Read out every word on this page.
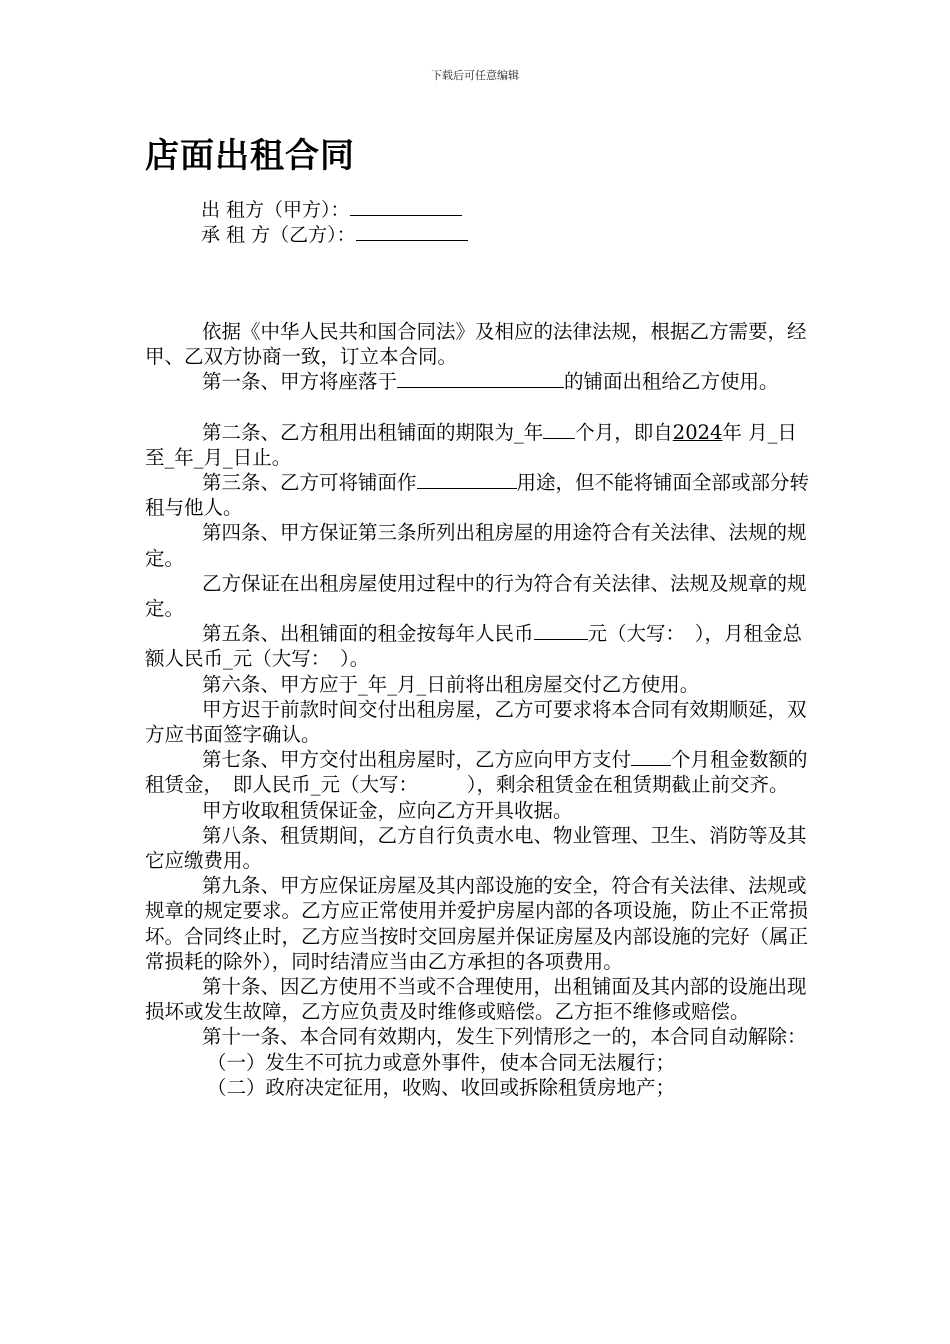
下载后可任意编辑
店面出租合同
出 租方（甲方）：
承 租 方（乙方）：

依据《中华人民共和国合同法》及相应的法律法规，根据乙方需要，经甲、乙双方协商一致，订立本合同。

第一条、甲方将座落于	的铺面出租给乙方使用。

第二条、乙方租用出租铺面的期限为_年 个月，即自2024年 月_日至_年_月_日止。

第三条、乙方可将铺面作	用途，但不能将铺面全部或部分转租与他人。

第四条、甲方保证第三条所列出租房屋的用途符合有关法律、法规的规定。

乙方保证在出租房屋使用过程中的行为符合有关法律、法规及规章的规定。

第五条、出租铺面的租金按每年人民币	元（大写：　），月租金总额人民币_元（大写：　）。

第六条、甲方应于_年_月_日前将出租房屋交付乙方使用。

甲方迟于前款时间交付出租房屋，乙方可要求将本合同有效期顺延，双方应书面签字确认。

第七条、甲方交付出租房屋时，乙方应向甲方支付 个月租金数额的租赁金，　即人民币_元（大写：　　　），剩余租赁金在租赁期截止前交齐。

甲方收取租赁保证金，应向乙方开具收据。

第八条、租赁期间，乙方自行负责水电、物业管理、卫生、消防等及其它应缴费用。

第九条、甲方应保证房屋及其内部设施的安全，符合有关法律、法规或规章的规定要求。乙方应正常使用并爱护房屋内部的各项设施，防止不正常损坏。合同终止时，乙方应当按时交回房屋并保证房屋及内部设施的完好（属正常损耗的除外），同时结清应当由乙方承担的各项费用。

第十条、因乙方使用不当或不合理使用，出租铺面及其内部的设施出现损坏或发生故障，乙方应负责及时维修或赔偿。乙方拒不维修或赔偿。

第十一条、本合同有效期内，发生下列情形之一的，本合同自动解除：

（一）发生不可抗力或意外事件，使本合同无法履行；

（二）政府决定征用，收购、收回或拆除租赁房地产；
